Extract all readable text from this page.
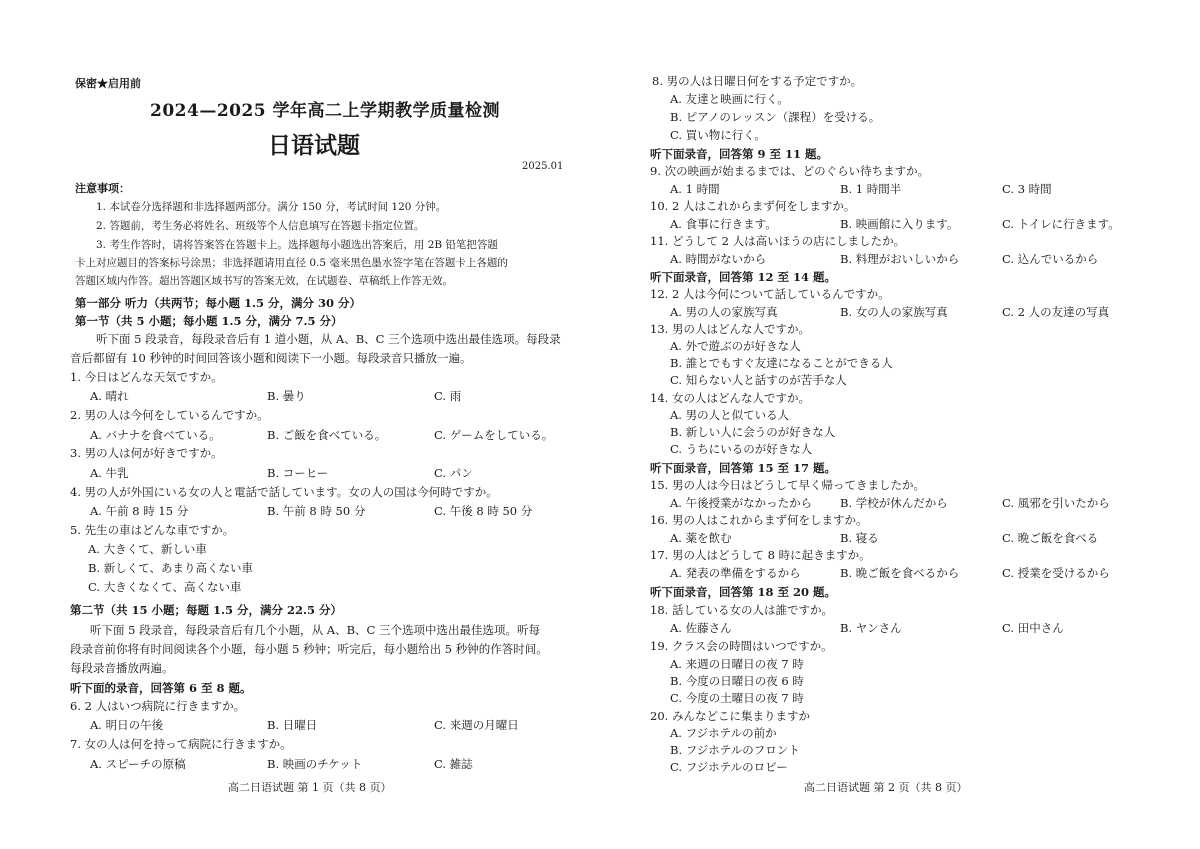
保密★启用前
2024—2025 学年高二上学期教学质量检测
日语试题
2025.01
注意事项：
1. 本试卷分选择题和非选择题两部分。满分 150 分，考试时间 120 分钟。
2. 答题前，考生务必将姓名、班级等个人信息填写在答题卡指定位置。
3. 考生作答时，请将答案答在答题卡上。选择题每小题选出答案后，用 2B 铅笔把答题
卡上对应题目的答案标号涂黑；非选择题请用直径 0.5 毫米黑色墨水签字笔在答题卡上各题的
答题区域内作答。超出答题区域书写的答案无效，在试题卷、草稿纸上作答无效。
第一部分 听力（共两节；每小题 1.5 分，满分 30 分）
第一节（共 5 小题；每小题 1.5 分，满分 7.5 分）
听下面 5 段录音，每段录音后有 1 道小题，从 A、B、C 三个选项中选出最佳选项。每段录
音后都留有 10 秒钟的时间回答该小题和阅读下一小题。每段录音只播放一遍。
1. 今日はどんな天気ですか。
A. 晴れ	B. 曇り	C. 雨
2. 男の人は今何をしているんですか。
A. バナナを食べている。	B. ご飯を食べている。	C. ゲームをしている。
3. 男の人は何が好きですか。
A. 牛乳	B. コーヒー	C. パン
4. 男の人が外国にいる女の人と電話で話しています。女の人の国は今何時ですか。
A. 午前 8 時 15 分	B. 午前 8 時 50 分	C. 午後 8 時 50 分
5. 先生の車はどんな車ですか。
A. 大きくて、新しい車
B. 新しくて、あまり高くない車
C. 大きくなくて、高くない車
第二节（共 15 小题；每题 1.5 分，满分 22.5 分）
听下面 5 段录音，每段录音后有几个小题，从 A、B、C 三个选项中选出最佳选项。听每
段录音前你将有时间阅读各个小题，每小题 5 秒钟；听完后，每小题给出 5 秒钟的作答时间。
每段录音播放两遍。
听下面的录音，回答第 6 至 8 题。
6. 2 人はいつ病院に行きますか。
A. 明日の午後	B. 日曜日	C. 来週の月曜日
7. 女の人は何を持って病院に行きますか。
A. スピーチの原稿	B. 映画のチケット	C. 雑誌
高二日语试题 第 1 页（共 8 页）
8. 男の人は日曜日何をする予定ですか。
A. 友達と映画に行く。
B. ピアノのレッスン（課程）を受ける。
C. 買い物に行く。
听下面录音，回答第 9 至 11 题。
9. 次の映画が始まるまでは、どのぐらい待ちますか。
A. 1 時間	B. 1 時間半	C. 3 時間
10. 2 人はこれからまず何をしますか。
A. 食事に行きます。	B. 映画館に入ります。	C. トイレに行きます。
11. どうして 2 人は高いほうの店にしましたか。
A. 時間がないから	B. 料理がおいしいから	C. 込んでいるから
听下面录音，回答第 12 至 14 题。
12. 2 人は今何について話しているんですか。
A. 男の人の家族写真	B. 女の人の家族写真	C. 2 人の友達の写真
13. 男の人はどんな人ですか。
A. 外で遊ぶのが好きな人
B. 誰とでもすぐ友達になることができる人
C. 知らない人と話すのが苦手な人
14. 女の人はどんな人ですか。
A. 男の人と似ている人
B. 新しい人に会うのが好きな人
C. うちにいるのが好きな人
听下面录音，回答第 15 至 17 题。
15. 男の人は今日はどうして早く帰ってきましたか。
A. 午後授業がなかったから B. 学校が休んだから	C. 風邪を引いたから
16. 男の人はこれからまず何をしますか。
A. 薬を飲む	B. 寝る	C. 晩ご飯を食べる
17. 男の人はどうして 8 時に起きますか。
A. 発表の準備をするから	B. 晩ご飯を食べるから	C. 授業を受けるから
听下面录音，回答第 18 至 20 题。
18. 話している女の人は誰ですか。
A. 佐藤さん	B. ヤンさん	C. 田中さん
19. クラス会の時間はいつですか。
A. 来週の日曜日の夜 7 時
B. 今度の日曜日の夜 6 時
C. 今度の土曜日の夜 7 時
20. みんなどこに集まりますか
A. フジホテルの前か
B. フジホテルのフロント
C. フジホテルのロビー
高二日语试题 第 2 页（共 8 页）
